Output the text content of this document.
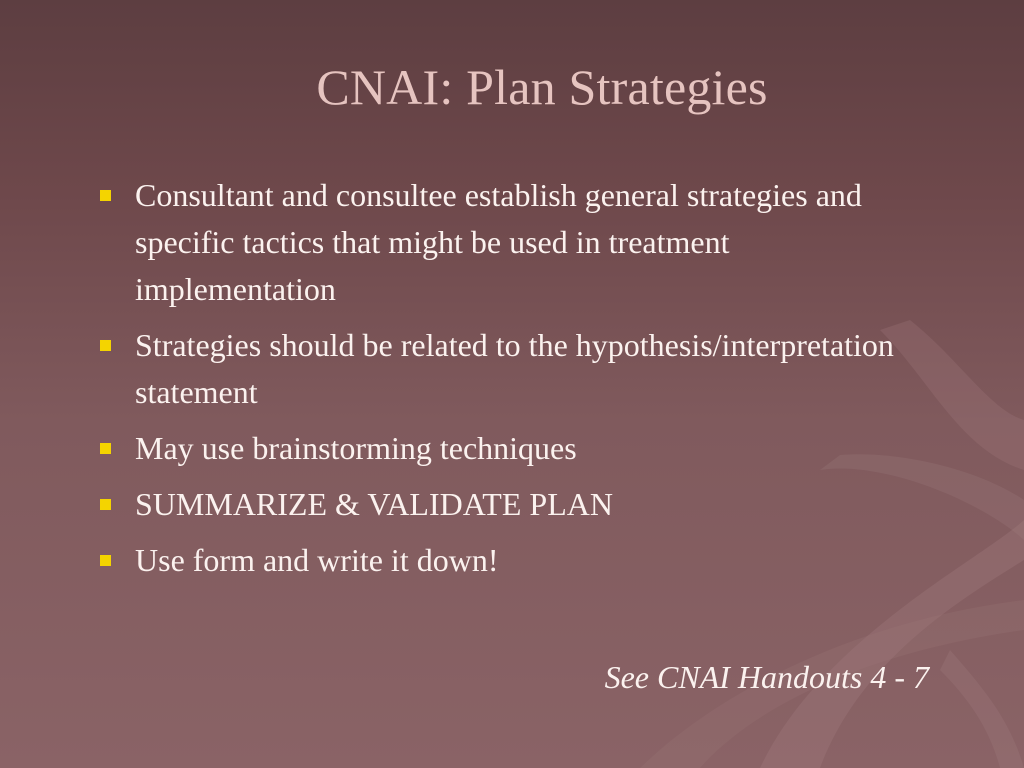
CNAI: Plan Strategies
Consultant and consultee establish general strategies and specific tactics that might be used in treatment implementation
Strategies should be related to the hypothesis/interpretation statement
May use brainstorming techniques
SUMMARIZE & VALIDATE PLAN
Use form and write it down!
See CNAI Handouts 4 - 7
